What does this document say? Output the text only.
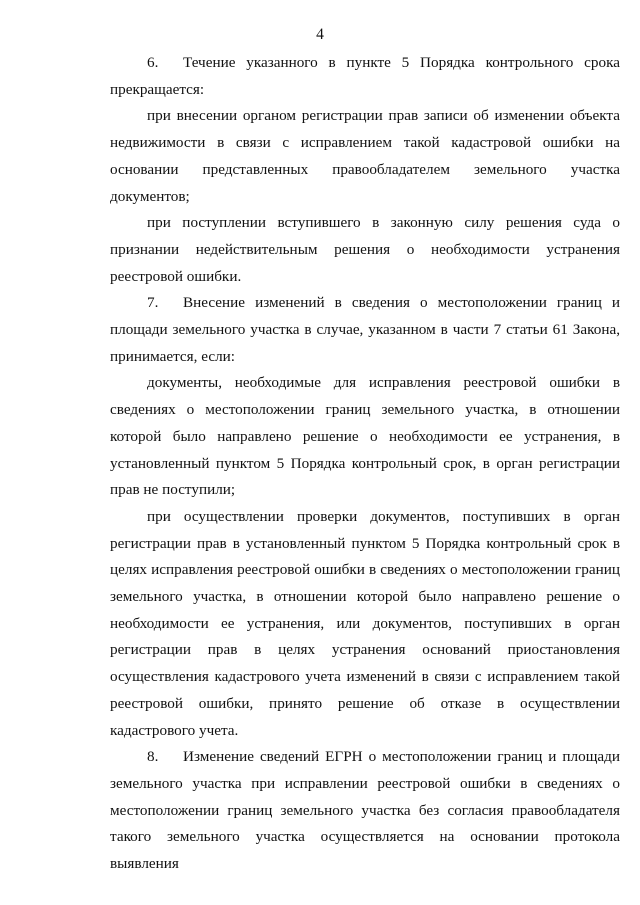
4

6. Течение указанного в пункте 5 Порядка контрольного срока прекращается:

при внесении органом регистрации прав записи об изменении объекта недвижимости в связи с исправлением такой кадастровой ошибки на основании представленных правообладателем земельного участка документов;

при поступлении вступившего в законную силу решения суда о признании недействительным решения о необходимости устранения реестровой ошибки.

7. Внесение изменений в сведения о местоположении границ и площади земельного участка в случае, указанном в части 7 статьи 61 Закона, принимается, если:

документы, необходимые для исправления реестровой ошибки в сведениях о местоположении границ земельного участка, в отношении которой было направлено решение о необходимости ее устранения, в установленный пунктом 5 Порядка контрольный срок, в орган регистрации прав не поступили;

при осуществлении проверки документов, поступивших в орган регистрации прав в установленный пунктом 5 Порядка контрольный срок в целях исправления реестровой ошибки в сведениях о местоположении границ земельного участка, в отношении которой было направлено решение о необходимости ее устранения, или документов, поступивших в орган регистрации прав в целях устранения оснований приостановления осуществления кадастрового учета изменений в связи с исправлением такой реестровой ошибки, принято решение об отказе в осуществлении кадастрового учета.

8. Изменение сведений ЕГРН о местоположении границ и площади земельного участка при исправлении реестровой ошибки в сведениях о местоположении границ земельного участка без согласия правообладателя такого земельного участка осуществляется на основании протокола выявления
